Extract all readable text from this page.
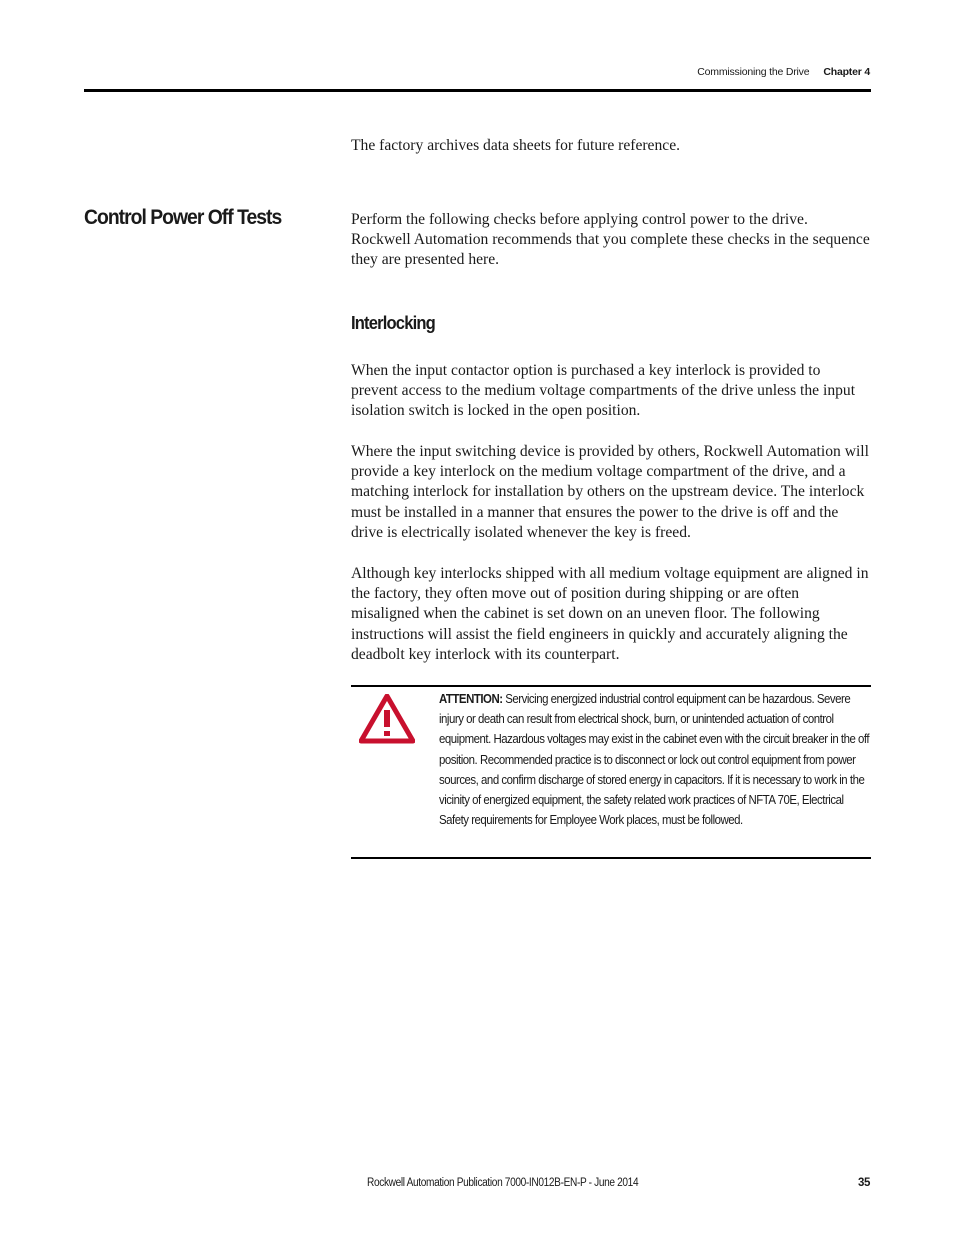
Commissioning the Drive Chapter 4
The factory archives data sheets for future reference.
Control Power Off Tests	Perform the following checks before applying control power to the drive. Rockwell Automation recommends that you complete these checks in the sequence they are presented here.
Interlocking
When the input contactor option is purchased a key interlock is provided to prevent access to the medium voltage compartments of the drive unless the input isolation switch is locked in the open position.
Where the input switching device is provided by others, Rockwell Automation will provide a key interlock on the medium voltage compartment of the drive, and a matching interlock for installation by others on the upstream device. The interlock must be installed in a manner that ensures the power to the drive is off and the drive is electrically isolated whenever the key is freed.
Although key interlocks shipped with all medium voltage equipment are aligned in the factory, they often move out of position during shipping or are often misaligned when the cabinet is set down on an uneven floor. The following instructions will assist the field engineers in quickly and accurately aligning the deadbolt key interlock with its counterpart.
ATTENTION: Servicing energized industrial control equipment can be hazardous. Severe injury or death can result from electrical shock, burn, or unintended actuation of control equipment. Hazardous voltages may exist in the cabinet even with the circuit breaker in the off position. Recommended practice is to disconnect or lock out control equipment from power sources, and confirm discharge of stored energy in capacitors. If it is necessary to work in the vicinity of energized equipment, the safety related work practices of NFTA 70E, Electrical Safety requirements for Employee Work places, must be followed.
Rockwell Automation Publication 7000-IN012B-EN-P - June 2014	35
